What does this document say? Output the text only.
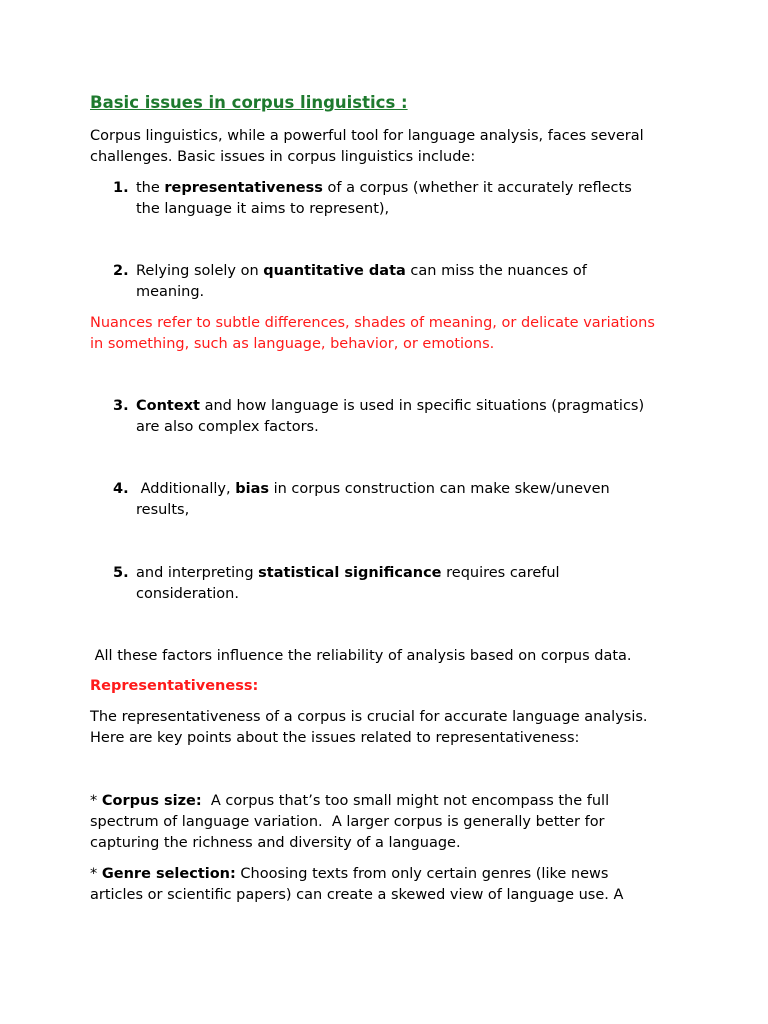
Basic issues in corpus linguistics :
Corpus linguistics, while a powerful tool for language analysis, faces several
challenges. Basic issues in corpus linguistics include:
1. the representativeness of a corpus (whether it accurately reflects
the language it aims to represent),
2. Relying solely on quantitative data can miss the nuances of
meaning.
Nuances refer to subtle differences, shades of meaning, or delicate variations
in something, such as language, behavior, or emotions.
3. Context and how language is used in specific situations (pragmatics)
are also complex factors.
4. Additionally, bias in corpus construction can make skew/uneven
results,
5. and interpreting statistical significance requires careful
consideration.
All these factors influence the reliability of analysis based on corpus data.
Representativeness:
The representativeness of a corpus is crucial for accurate language analysis.
Here are key points about the issues related to representativeness:
* Corpus size:  A corpus that’s too small might not encompass the full
spectrum of language variation.  A larger corpus is generally better for
capturing the richness and diversity of a language.
* Genre selection: Choosing texts from only certain genres (like news
articles or scientific papers) can create a skewed view of language use. A
